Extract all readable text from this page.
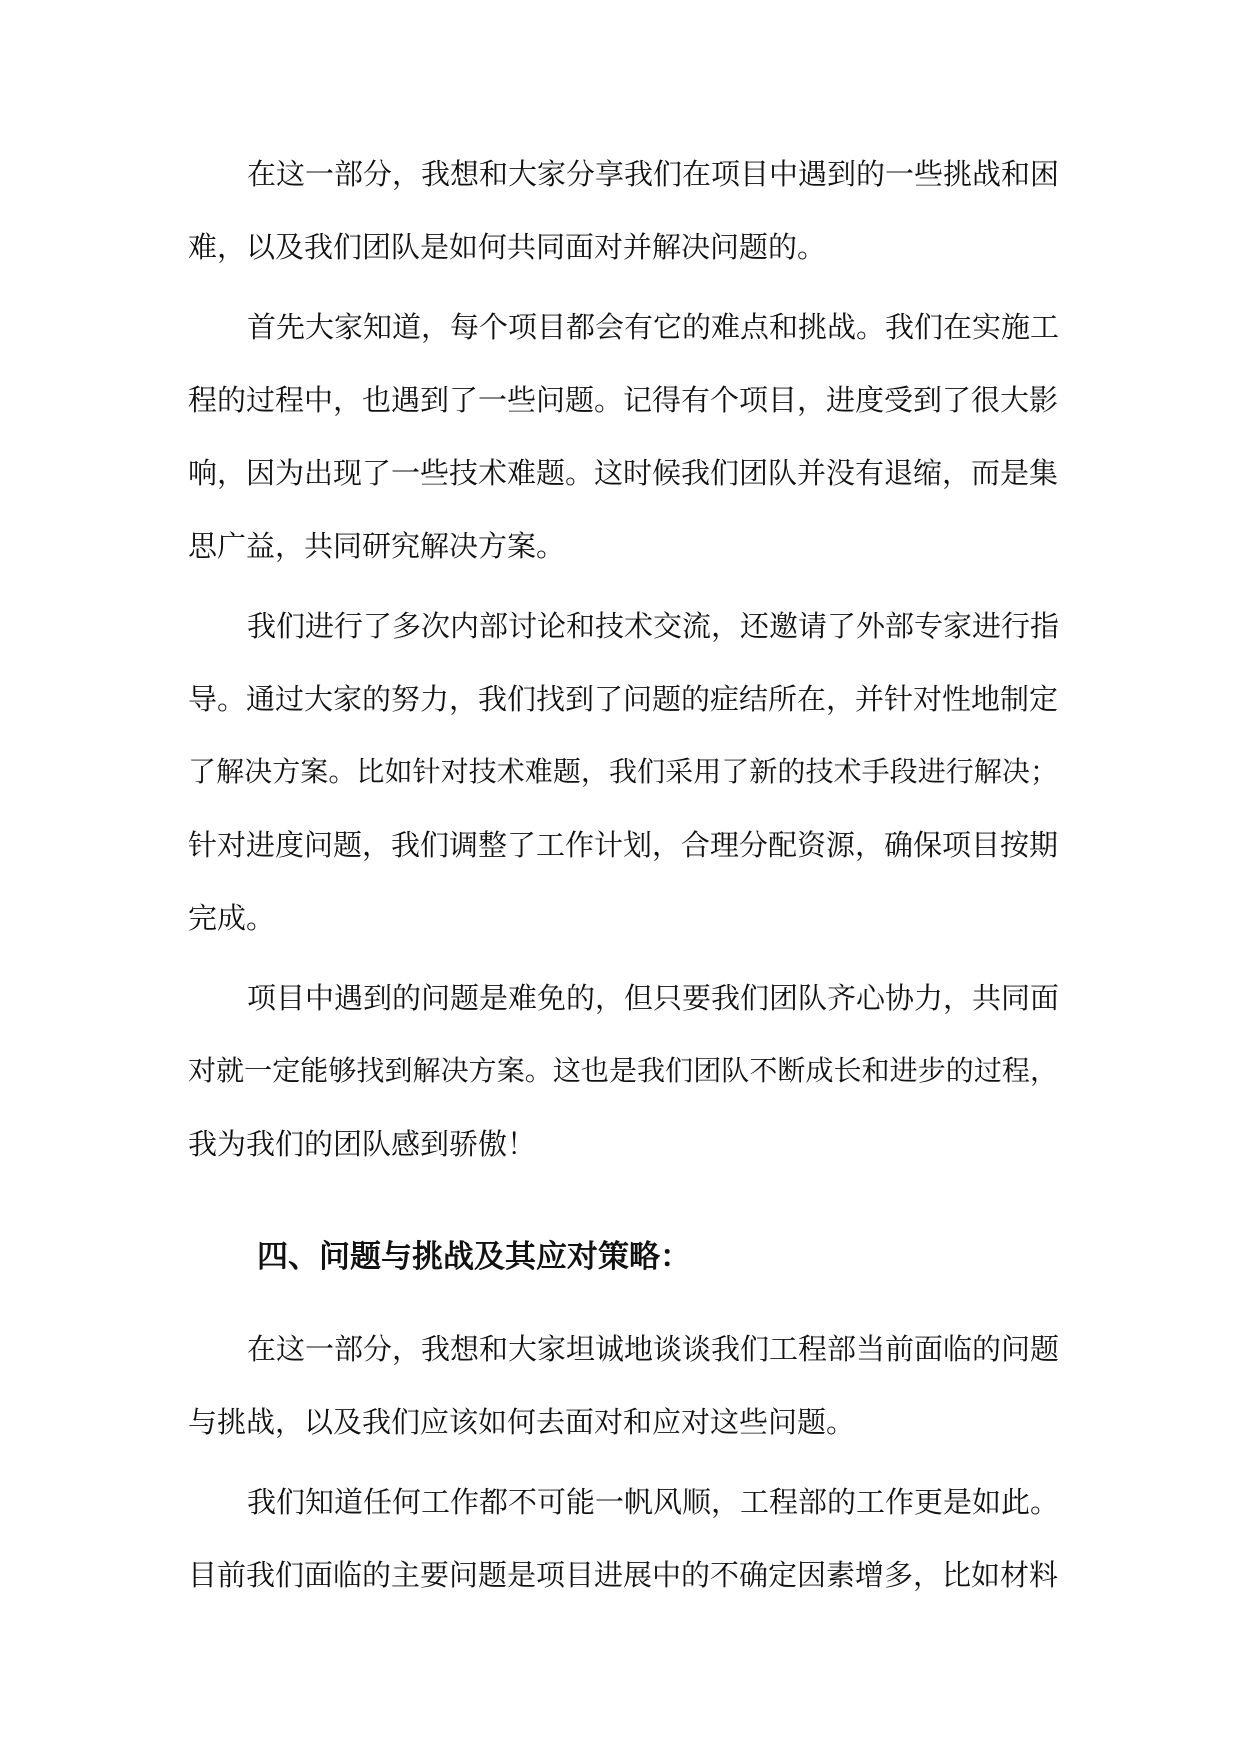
在这一部分，我想和大家分享我们在项目中遇到的一些挑战和困
难，以及我们团队是如何共同面对并解决问题的。
首先大家知道，每个项目都会有它的难点和挑战。我们在实施工
程的过程中，也遇到了一些问题。记得有个项目，进度受到了很大影
响，因为出现了一些技术难题。这时候我们团队并没有退缩，而是集
思广益，共同研究解决方案。
我们进行了多次内部讨论和技术交流，还邀请了外部专家进行指
导。通过大家的努力，我们找到了问题的症结所在，并针对性地制定
了解决方案。比如针对技术难题，我们采用了新的技术手段进行解决；
针对进度问题，我们调整了工作计划，合理分配资源，确保项目按期
完成。
项目中遇到的问题是难免的，但只要我们团队齐心协力，共同面
对就一定能够找到解决方案。这也是我们团队不断成长和进步的过程，
我为我们的团队感到骄傲！
四、问题与挑战及其应对策略：
在这一部分，我想和大家坦诚地谈谈我们工程部当前面临的问题
与挑战，以及我们应该如何去面对和应对这些问题。
我们知道任何工作都不可能一帆风顺，工程部的工作更是如此。
目前我们面临的主要问题是项目进展中的不确定因素增多，比如材料
